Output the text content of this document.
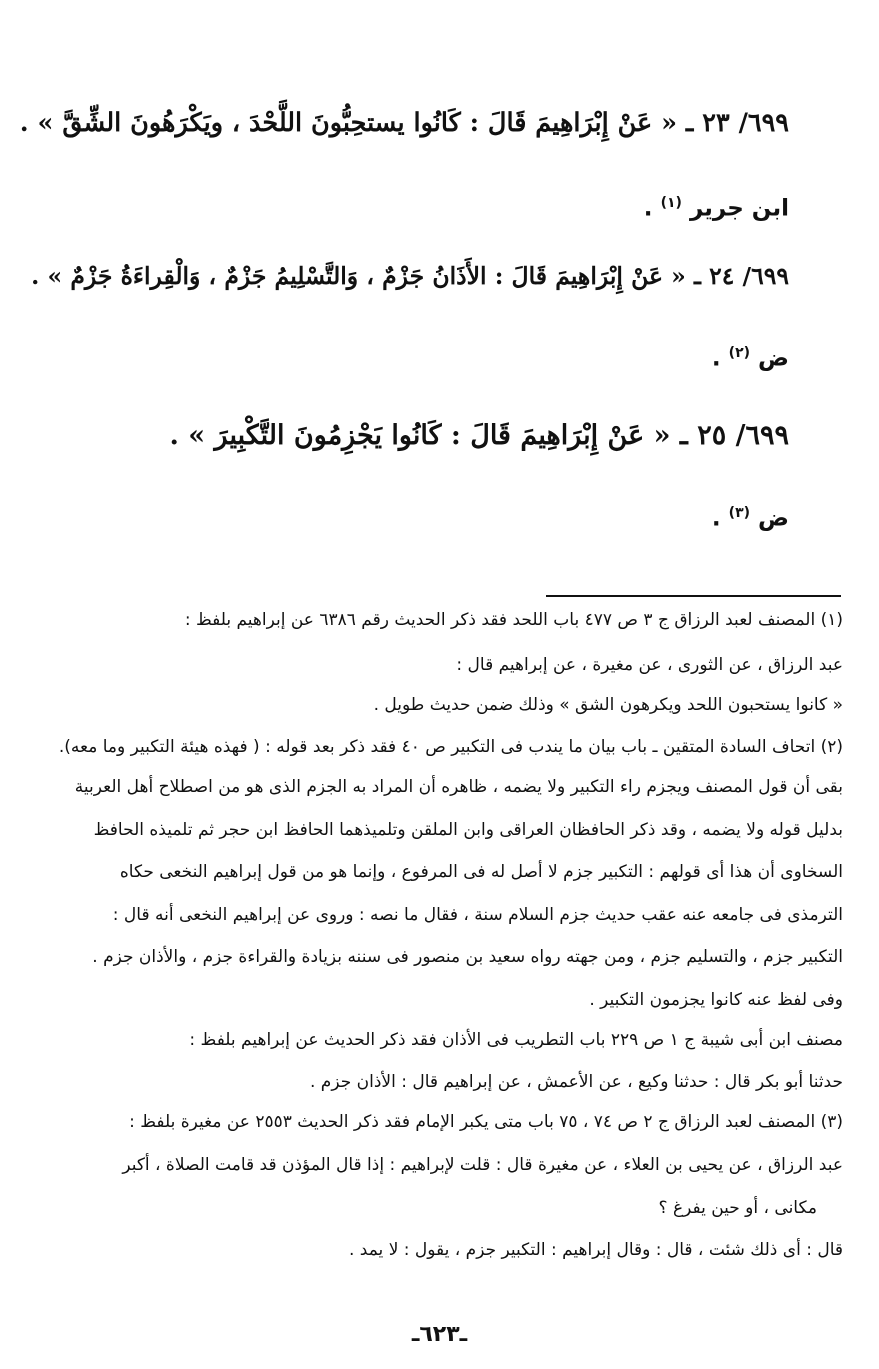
٦٩٩/ ٢٣ ـ « عَنْ إِبْرَاهِيمَ قَالَ : كَانُوا يستحِبُّونَ اللَّحْدَ ، ويَكْرَهُونَ الشِّقَّ » .
ابن جرير $^{(١)}$ .
٦٩٩/ ٢٤ ـ « عَنْ إِبْرَاهِيمَ قَالَ : الأَذَانُ جَزْمٌ ، وَالتَّسْلِيمُ جَزْمٌ ، وَالْقِراءَةُ جَزْمٌ » .
ض $^{(٢)}$ .
٦٩٩/ ٢٥ ـ « عَنْ إِبْرَاهِيمَ قَالَ : كَانُوا يَجْزِمُونَ التَّكْبِيرَ » .
ض $^{(٣)}$ .
(١) المصنف لعبد الرزاق ج ٣ ص ٤٧٧ باب اللحد فقد ذكر الحديث رقم ٦٣٨٦ عن إبراهيم بلفظ :
عبد الرزاق ، عن الثورى ، عن مغيرة ، عن إبراهيم قال :
« كانوا يستحبون اللحد ويكرهون الشق » وذلك ضمن حديث طويل .
(٢) اتحاف السادة المتقين ـ باب بيان ما يندب فى التكبير ص ٤٠ فقد ذكر بعد قوله : ( فهذه هيئة التكبير وما معه).
بقى أن قول المصنف ويجزم راء التكبير ولا يضمه ، ظاهره أن المراد به الجزم الذى هو من اصطلاح أهل العربية
بدليل قوله ولا يضمه ، وقد ذكر الحافظان العراقى وابن الملقن وتلميذهما الحافظ ابن حجر ثم تلميذه الحافظ
السخاوى أن هذا أى قولهم : التكبير جزم لا أصل له فى المرفوع ، وإنما هو من قول إبراهيم النخعى حكاه
الترمذى فى جامعه عنه عقب حديث جزم السلام سنة ، فقال ما نصه : وروى عن إبراهيم النخعى أنه قال :
التكبير جزم ، والتسليم جزم ، ومن جهته رواه سعيد بن منصور فى سننه بزيادة والقراءة جزم ، والأذان جزم .
وفى لفظ عنه كانوا يجزمون التكبير .
مصنف ابن أبى شيبة ج ١ ص ٢٢٩ باب التطريب فى الأذان فقد ذكر الحديث عن إبراهيم بلفظ :
حدثنا أبو بكر قال : حدثنا وكيع ، عن الأعمش ، عن إبراهيم قال : الأذان جزم .
(٣) المصنف لعبد الرزاق ج ٢ ص ٧٤ ، ٧٥ باب متى يكبر الإمام فقد ذكر الحديث ٢٥٥٣ عن مغيرة بلفظ :
عبد الرزاق ، عن يحيى بن العلاء ، عن مغيرة قال : قلت لإبراهيم : إذا قال المؤذن قد قامت الصلاة ، أكبر
مكانى ، أو حين يفرغ ؟
قال : أى ذلك شئت ، قال : وقال إبراهيم : التكبير جزم ، يقول : لا يمد .
ـ٦٢٣ـ
